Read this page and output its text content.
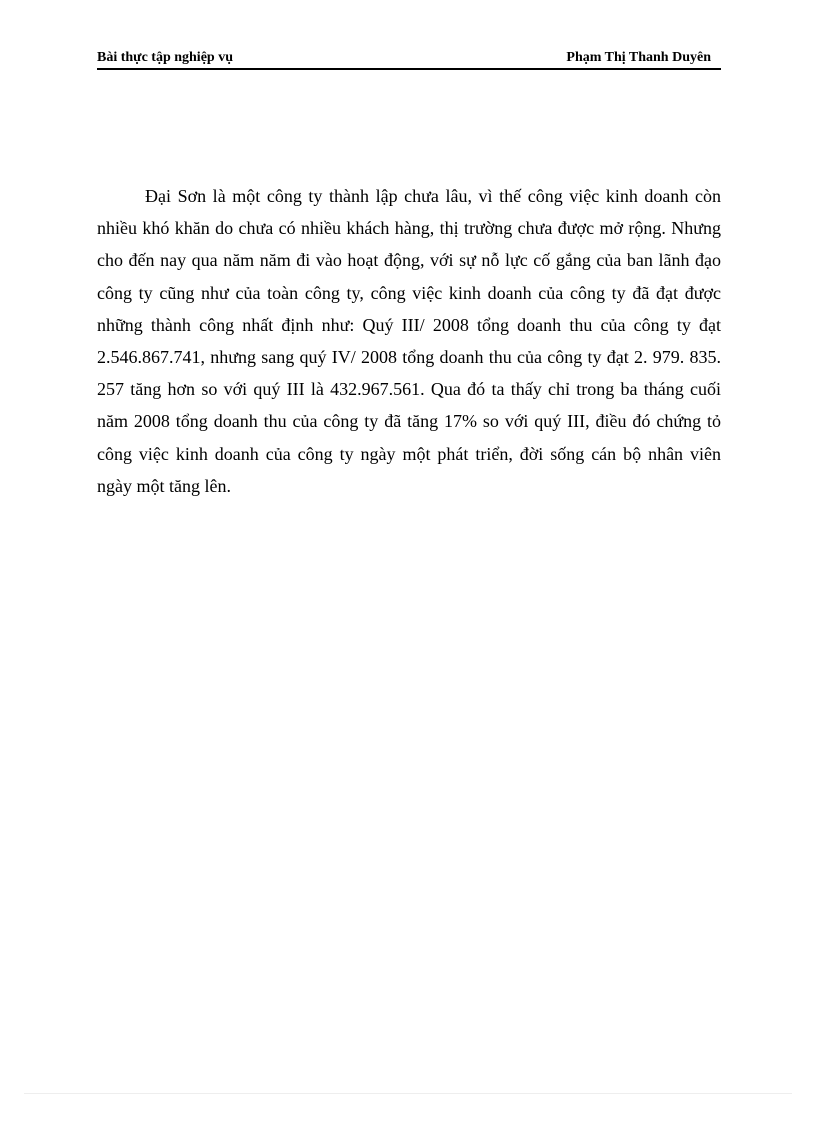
Bài thực tập nghiệp vụ	Phạm Thị Thanh Duyên

Đại Sơn là một công ty thành lập chưa lâu, vì thế công việc kinh doanh còn nhiều khó khăn do chưa có nhiều khách hàng, thị trường chưa được mở rộng. Nhưng cho đến nay qua năm năm đi vào hoạt động, với sự nỗ lực cố gắng của ban lãnh đạo công ty cũng như của toàn công ty, công việc kinh doanh của công ty đã đạt được những thành công nhất định như: Quý III/ 2008 tổng doanh thu của công ty đạt 2.546.867.741, nhưng sang quý IV/ 2008 tổng doanh thu của công ty đạt 2. 979. 835. 257 tăng hơn so với quý III là 432.967.561. Qua đó ta thấy chỉ trong ba tháng cuối năm 2008 tổng doanh thu của công ty đã tăng 17% so với quý III, điều đó chứng tỏ công việc kinh doanh của công ty ngày một phát triển, đời sống cán bộ nhân viên ngày một tăng lên.
